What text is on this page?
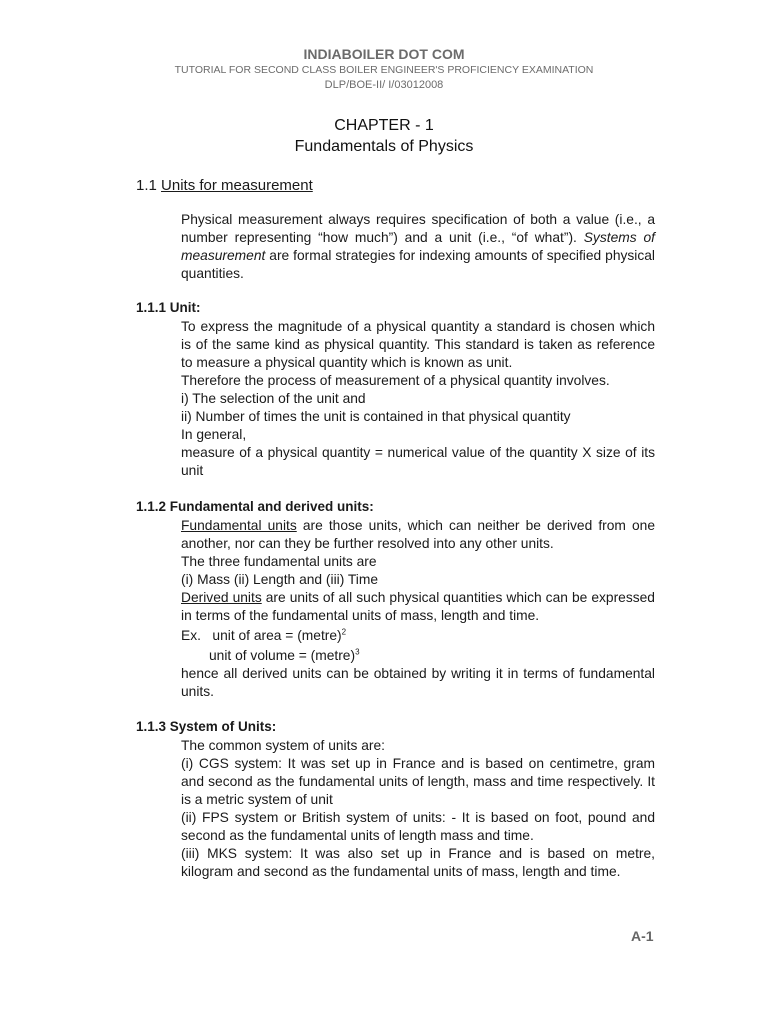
INDIABOILER DOT COM
TUTORIAL FOR SECOND CLASS BOILER ENGINEER'S PROFICIENCY EXAMINATION
DLP/BOE-II/ I/03012008
CHAPTER - 1
Fundamentals of Physics
1.1 Units for measurement
Physical measurement always requires specification of both a value (i.e., a number representing “how much”) and a unit (i.e., “of what”). Systems of measurement are formal strategies for indexing amounts of specified physical quantities.
1.1.1 Unit:
To express the magnitude of a physical quantity a standard is chosen which is of the same kind as physical quantity. This standard is taken as reference to measure a physical quantity which is known as unit.
Therefore the process of measurement of a physical quantity involves.
i) The selection of the unit and
ii) Number of times the unit is contained in that physical quantity
In general,
measure of a physical quantity = numerical value of the quantity X size of its unit
1.1.2 Fundamental and derived units:
Fundamental units are those units, which can neither be derived from one another, nor can they be further resolved into any other units.
The three fundamental units are
(i) Mass (ii) Length and (iii) Time
Derived units are units of all such physical quantities which can be expressed in terms of the fundamental units of mass, length and time.
Ex.   unit of area = (metre)$^2$
unit of volume = (metre)$^3$
hence all derived units can be obtained by writing it in terms of fundamental units.
1.1.3 System of Units:
The common system of units are:
(i) CGS system: It was set up in France and is based on centimetre, gram and second as the fundamental units of length, mass and time respectively. It is a metric system of unit
(ii) FPS system or British system of units: - It is based on foot, pound and second as the fundamental units of length mass and time.
(iii) MKS system: It was also set up in France and is based on metre, kilogram and second as the fundamental units of mass, length and time.
A-1
